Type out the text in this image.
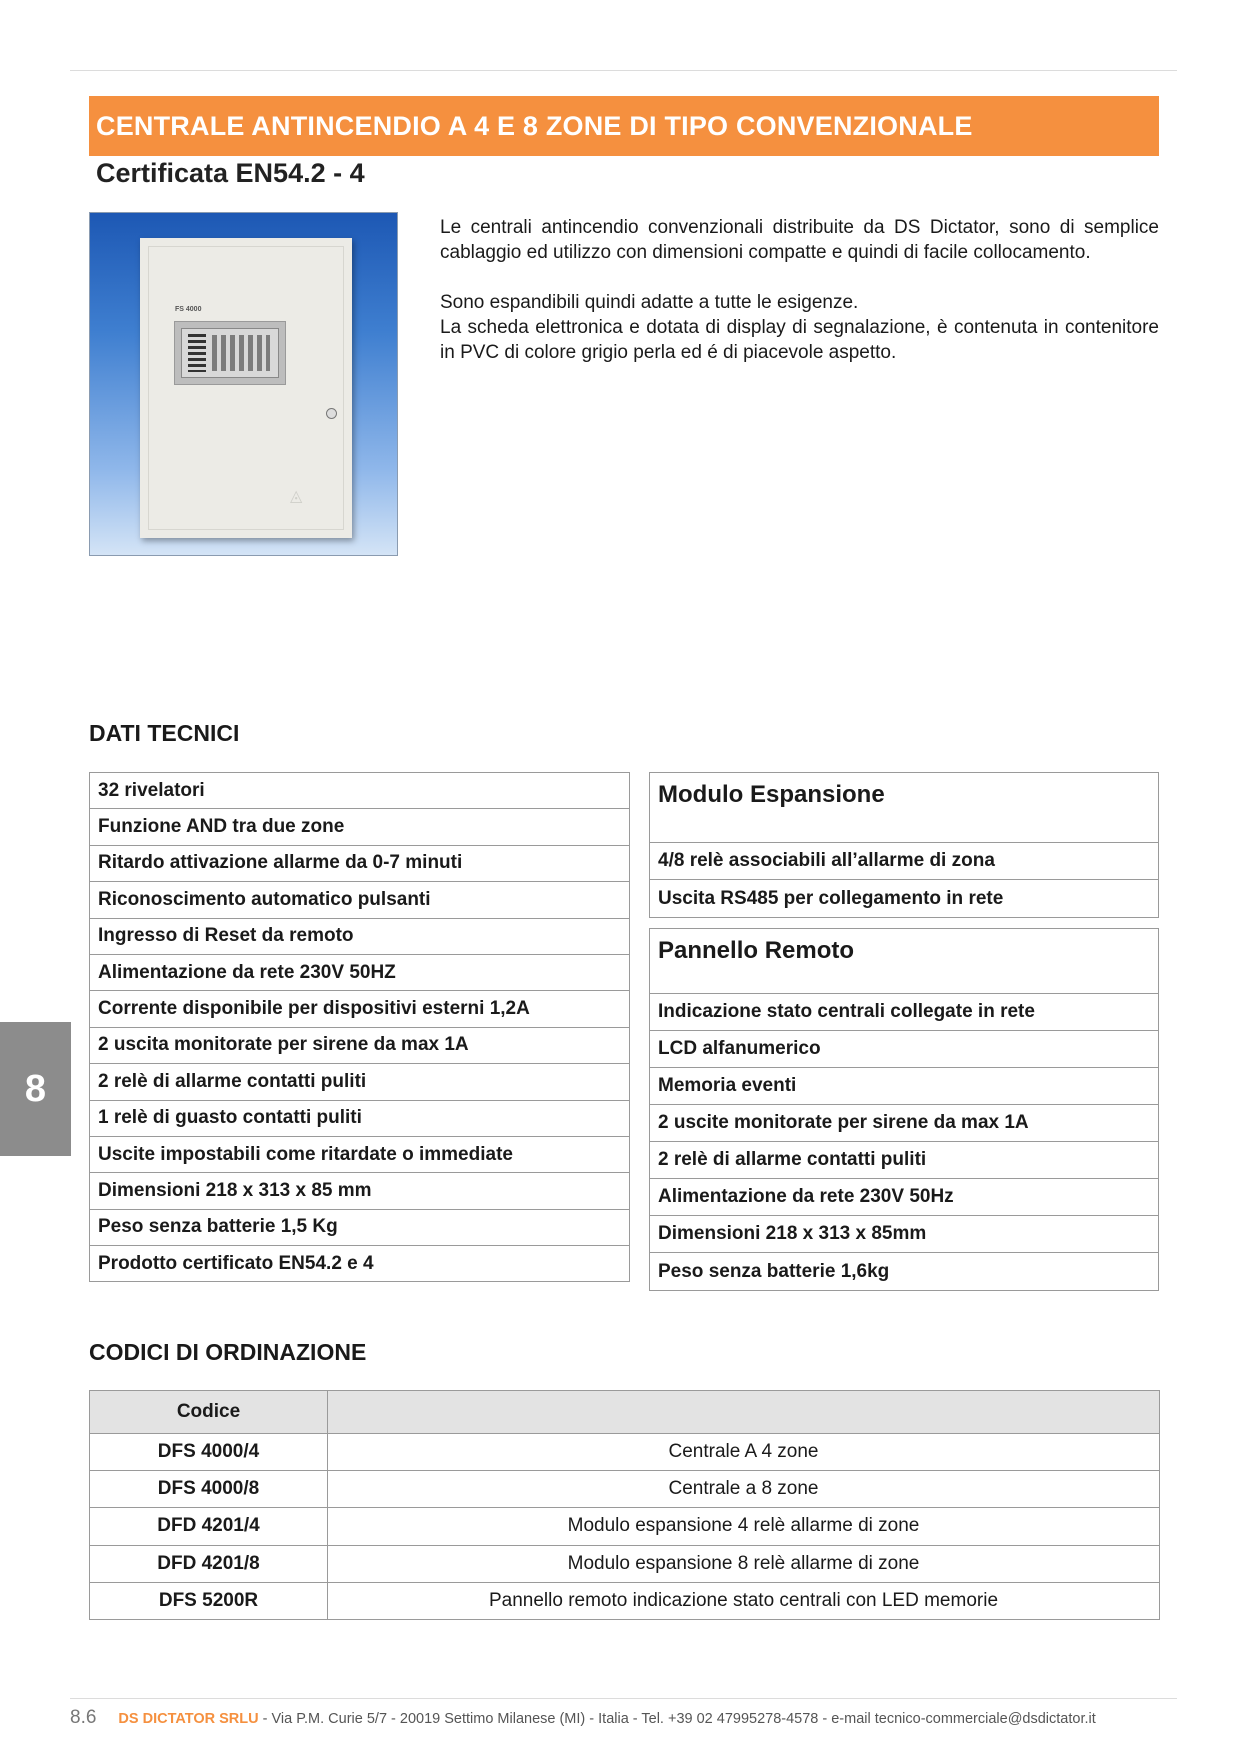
CENTRALE ANTINCENDIO A 4 E 8 ZONE DI TIPO CONVENZIONALE
Certificata EN54.2 - 4
FS 4000
◬

Le centrali antincendio convenzionali distribuite da DS Dictator, sono di semplice cablaggio ed utilizzo con dimensioni compatte e quindi di facile collocamento.

Sono espandibili quindi adatte a tutte le esigenze.

La scheda elettronica e dotata di display di segnalazione, è contenuta in contenitore in PVC di colore grigio perla ed é di piacevole aspetto.

DATI TECNICI
32 rivelatori
Funzione AND tra due zone
Ritardo attivazione allarme da 0-7 minuti
Riconoscimento automatico pulsanti
Ingresso di Reset da remoto
Alimentazione da rete 230V 50HZ
Corrente disponibile per dispositivi esterni 1,2A
2 uscita monitorate per sirene da max 1A
2 relè di allarme contatti puliti
1 relè di guasto contatti puliti
Uscite impostabili come ritardate o immediate
Dimensioni 218 x 313 x 85 mm
Peso senza batterie 1,5 Kg
Prodotto certificato EN54.2 e 4
Modulo Espansione
4/8 relè associabili all’allarme di zona
Uscita RS485 per collegamento in rete
Pannello Remoto
Indicazione stato centrali collegate in rete
LCD alfanumerico
Memoria eventi
2 uscite monitorate per sirene da max 1A
2 relè di allarme contatti puliti
Alimentazione da rete 230V 50Hz
Dimensioni 218 x 313 x 85mm
Peso senza batterie 1,6kg
CODICI DI ORDINAZIONE
Codice	
DFS 4000/4	Centrale A 4 zone
DFS 4000/8	Centrale a 8 zone
DFD 4201/4	Modulo espansione 4 relè allarme di zone
DFD 4201/8	Modulo espansione 8 relè allarme di zone
DFS 5200R	Pannello remoto indicazione stato centrali con LED memorie
8
8.6 DS DICTATOR SRLU - Via P.M. Curie 5/7 - 20019 Settimo Milanese (MI) - Italia - Tel. +39 02 47995278-4578 - e-mail tecnico-commerciale@dsdictator.it
